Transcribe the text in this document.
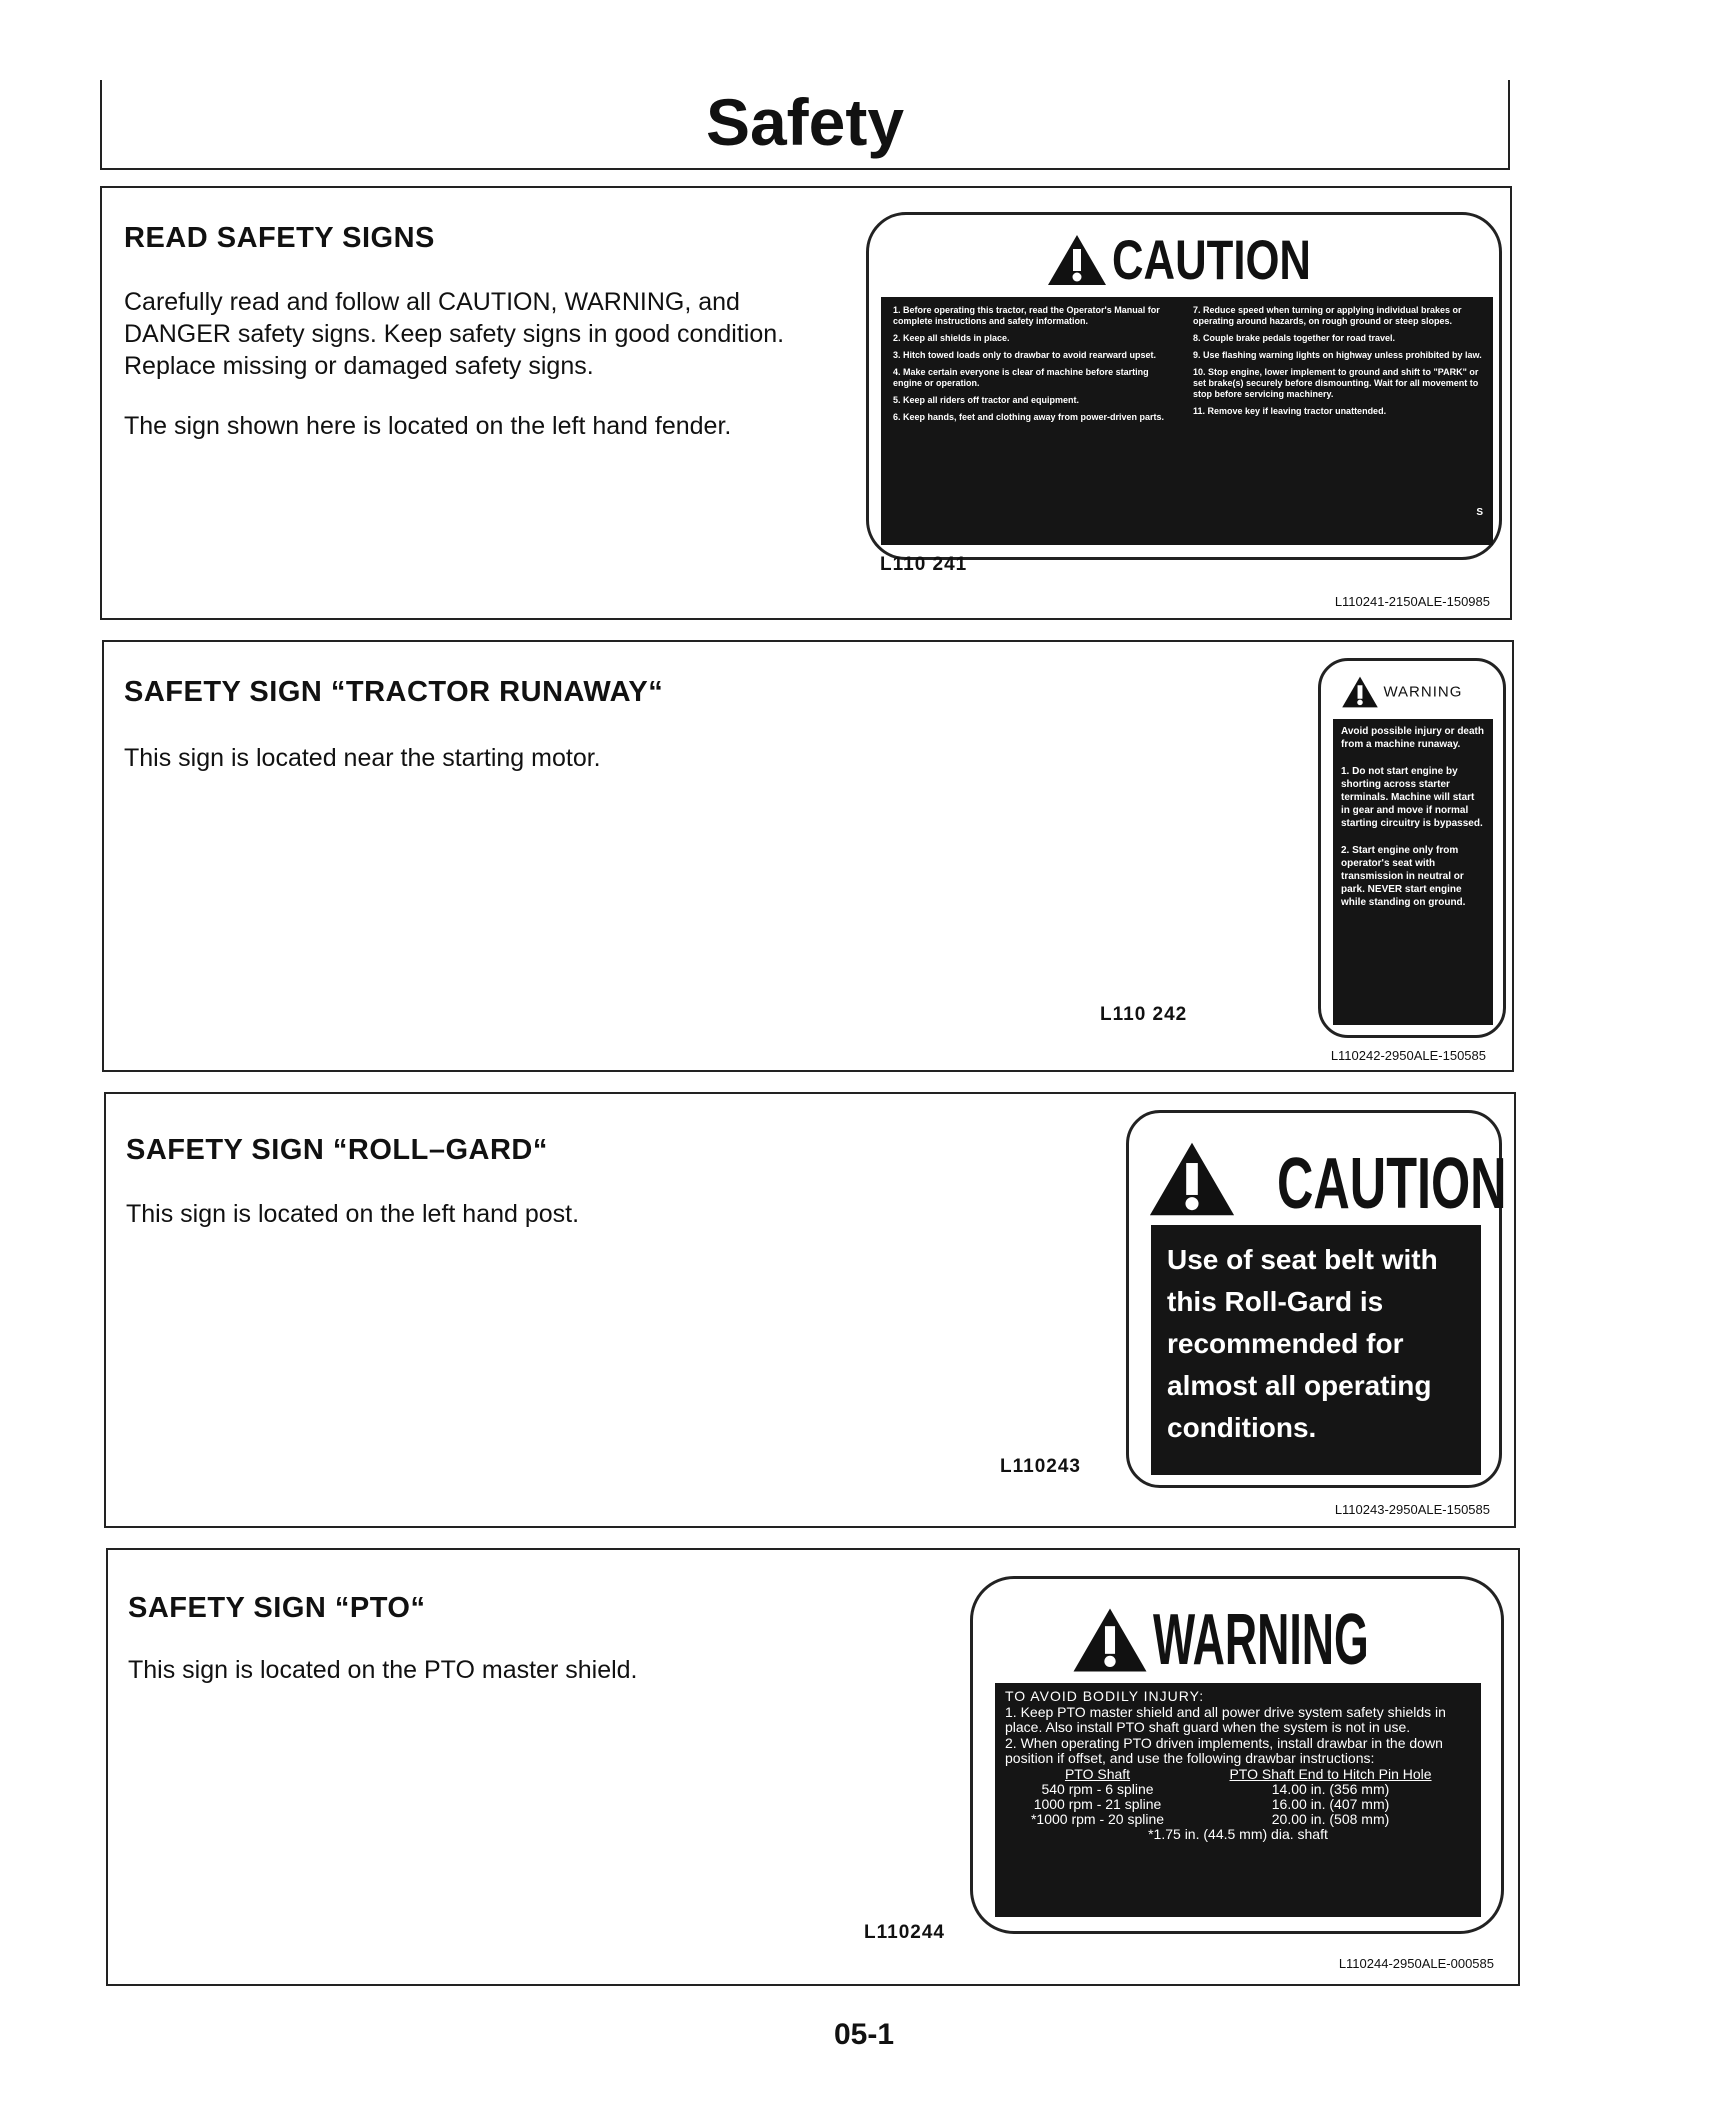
Safety
READ SAFETY SIGNS
Carefully read and follow all CAUTION, WARNING, and DANGER safety signs. Keep safety signs in good condition. Replace missing or damaged safety signs.
The sign shown here is located on the left hand fender.
CAUTION

1. Before operating this tractor, read the Operator's Manual for complete instructions and safety information.

2. Keep all shields in place.

3. Hitch towed loads only to drawbar to avoid rearward upset.

4. Make certain everyone is clear of machine before starting engine or operation.

5. Keep all riders off tractor and equipment.

6. Keep hands, feet and clothing away from power-driven parts.

7. Reduce speed when turning or applying individual brakes or operating around hazards, on rough ground or steep slopes.

8. Couple brake pedals together for road travel.

9. Use flashing warning lights on highway unless prohibited by law.

10. Stop engine, lower implement to ground and shift to "PARK" or set brake(s) securely before dismounting. Wait for all movement to stop before servicing machinery.

11. Remove key if leaving tractor unattended.

S
L110 241
L110241-2150ALE-150985
SAFETY SIGN “TRACTOR RUNAWAY“
This sign is located near the starting motor.
WARNING
Avoid possible injury or death from a machine runaway.
1. Do not start engine by shorting across starter terminals. Machine will start in gear and move if normal starting circuitry is bypassed.
2. Start engine only from operator's seat with transmission in neutral or park. NEVER start engine while standing on ground.
L110 242
L110242-2950ALE-150585
SAFETY SIGN “ROLL–GARD“
This sign is located on the left hand post.	CAUTION
Use of seat belt with this Roll-Gard is recommended for almost all operating conditions.
L110243
L110243-2950ALE-150585
SAFETY SIGN “PTO“
This sign is located on the PTO master shield.	WARNING

TO AVOID BODILY INJURY:

1. Keep PTO master shield and all power drive system safety shields in place. Also install PTO shaft guard when the system is not in use.

2. When operating PTO driven implements, install drawbar in the down position if offset, and use the following drawbar instructions:

PTO Shaft	PTO Shaft End to Hitch Pin Hole
540 rpm - 6 spline	14.00 in. (356 mm)
1000 rpm - 21 spline	16.00 in. (407 mm)
*1000 rpm - 20 spline	20.00 in. (508 mm)

*1.75 in. (44.5 mm) dia. shaft

L110244
L110244-2950ALE-000585
05-1
